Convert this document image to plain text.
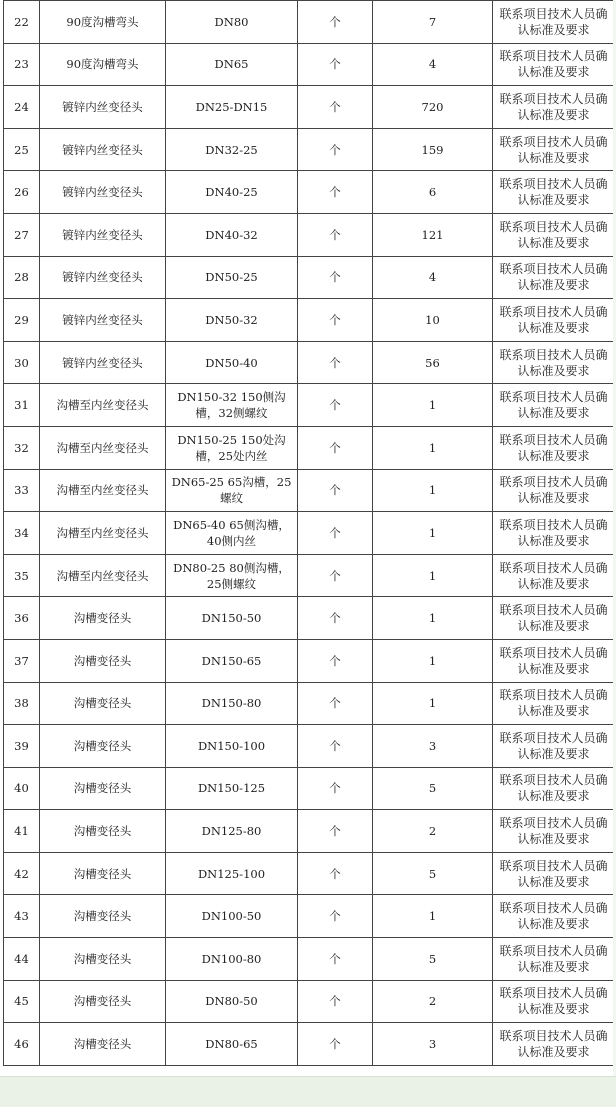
22	90度沟槽弯头	DN80	个	7	联系项目技术人员确认标准及要求
23	90度沟槽弯头	DN65	个	4	联系项目技术人员确认标准及要求
24	镀锌内丝变径头	DN25-DN15	个	720	联系项目技术人员确认标准及要求
25	镀锌内丝变径头	DN32-25	个	159	联系项目技术人员确认标准及要求
26	镀锌内丝变径头	DN40-25	个	6	联系项目技术人员确认标准及要求
27	镀锌内丝变径头	DN40-32	个	121	联系项目技术人员确认标准及要求
28	镀锌内丝变径头	DN50-25	个	4	联系项目技术人员确认标准及要求
29	镀锌内丝变径头	DN50-32	个	10	联系项目技术人员确认标准及要求
30	镀锌内丝变径头	DN50-40	个	56	联系项目技术人员确认标准及要求
31	沟槽至内丝变径头	DN150-32 150侧沟槽，32侧螺纹	个	1	联系项目技术人员确认标准及要求
32	沟槽至内丝变径头	DN150-25 150处沟槽，25处内丝	个	1	联系项目技术人员确认标准及要求
33	沟槽至内丝变径头	DN65-25 65沟槽，25螺纹	个	1	联系项目技术人员确认标准及要求
34	沟槽至内丝变径头	DN65-40 65侧沟槽，40侧内丝	个	1	联系项目技术人员确认标准及要求
35	沟槽至内丝变径头	DN80-25 80侧沟槽，25侧螺纹	个	1	联系项目技术人员确认标准及要求
36	沟槽变径头	DN150-50	个	1	联系项目技术人员确认标准及要求
37	沟槽变径头	DN150-65	个	1	联系项目技术人员确认标准及要求
38	沟槽变径头	DN150-80	个	1	联系项目技术人员确认标准及要求
39	沟槽变径头	DN150-100	个	3	联系项目技术人员确认标准及要求
40	沟槽变径头	DN150-125	个	5	联系项目技术人员确认标准及要求
41	沟槽变径头	DN125-80	个	2	联系项目技术人员确认标准及要求
42	沟槽变径头	DN125-100	个	5	联系项目技术人员确认标准及要求
43	沟槽变径头	DN100-50	个	1	联系项目技术人员确认标准及要求
44	沟槽变径头	DN100-80	个	5	联系项目技术人员确认标准及要求
45	沟槽变径头	DN80-50	个	2	联系项目技术人员确认标准及要求
46	沟槽变径头	DN80-65	个	3	联系项目技术人员确认标准及要求
